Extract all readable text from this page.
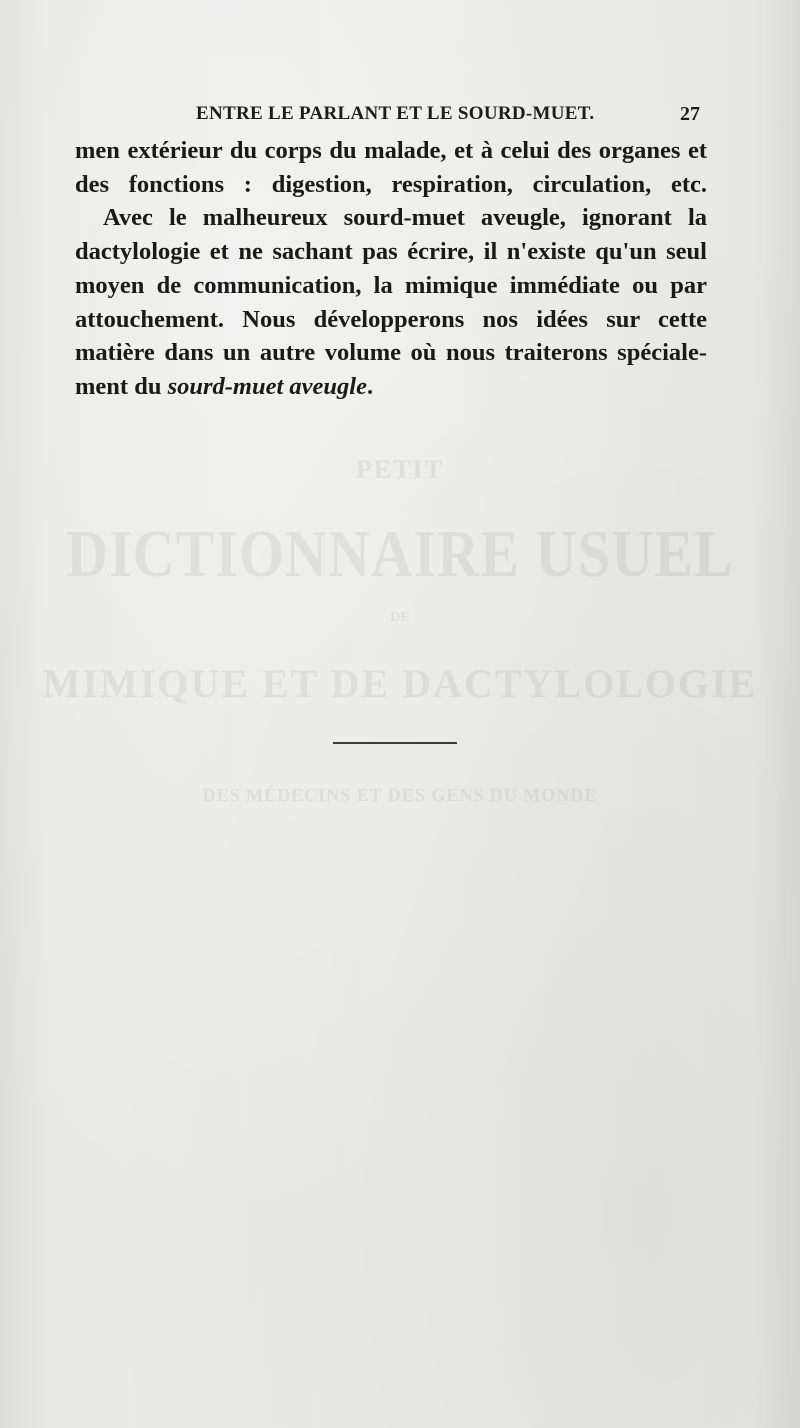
ENTRE LE PARLANT ET LE SOURD-MUET.	27

men extérieur du corps du malade, et à celui des organes et des fonctions : digestion, respiration, circulation, etc.

Avec le malheureux sourd-muet aveugle, ignorant la dactylologie et ne sachant pas écrire, il n'existe qu'un seul moyen de communication, la mimique immédiate ou par attouchement. Nous développerons nos idées sur cette matière dans un autre volume où nous traiterons spéciale-ment du sourd-muet aveugle.

PETIT
DICTIONNAIRE USUEL
DE
MIMIQUE ET DE DACTYLOLOGIE
DES MÉDECINS ET DES GENS DU MONDE
